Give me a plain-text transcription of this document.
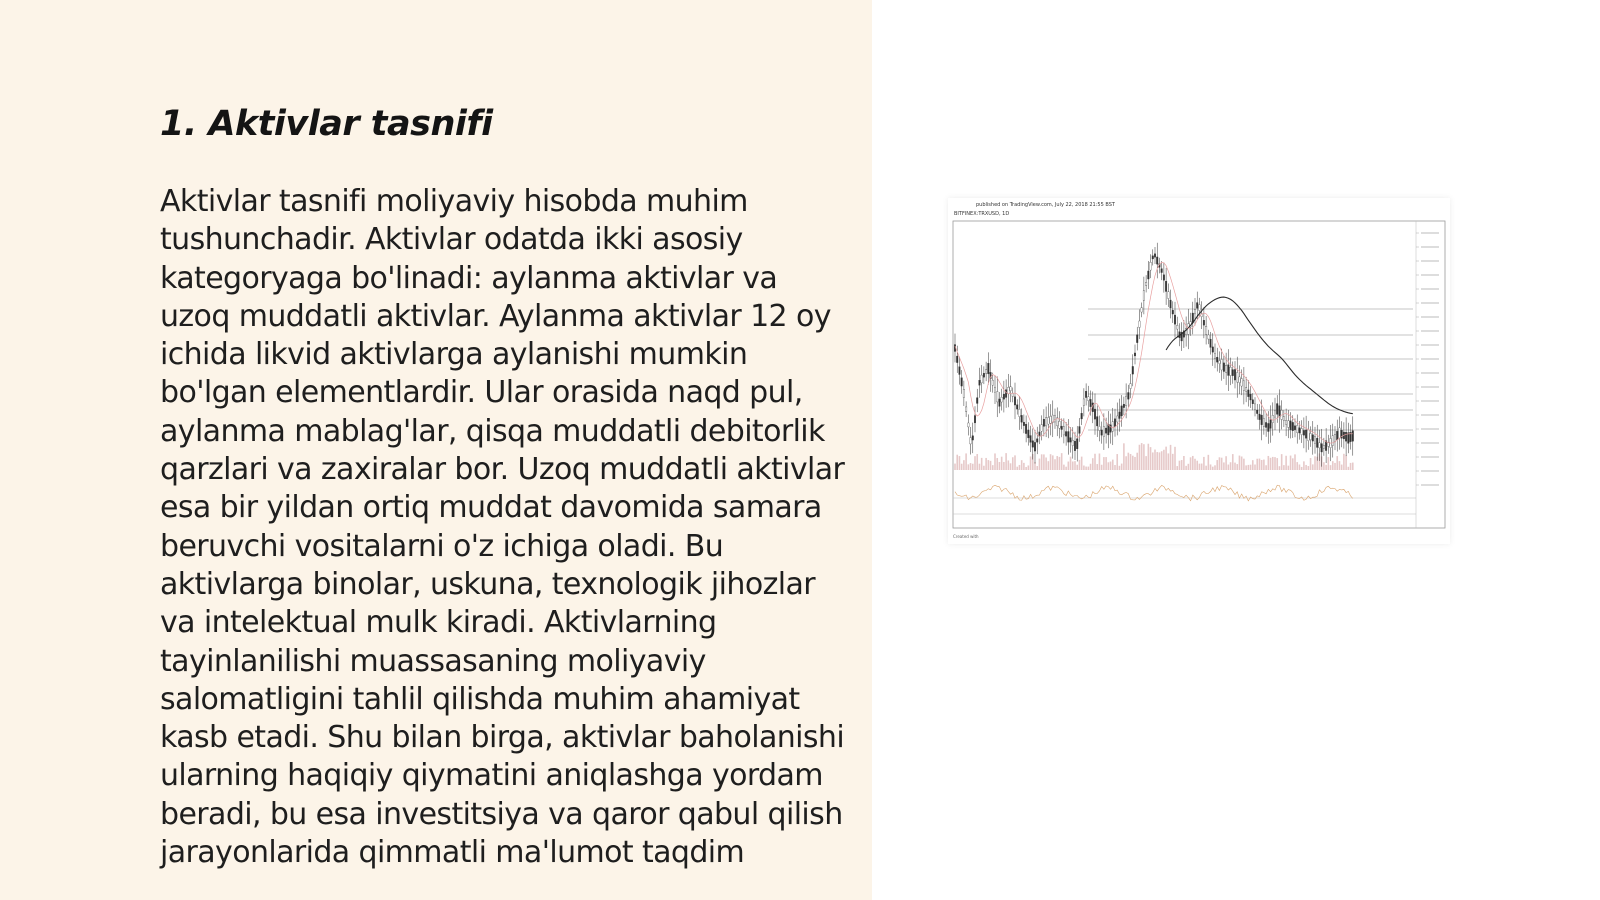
1. Aktivlar tasnifi

Aktivlar tasnifi moliyaviy hisobda muhim tushunchadir. Aktivlar odatda ikki asosiy kategoryaga bo'linadi: aylanma aktivlar va uzoq muddatli aktivlar. Aylanma aktivlar 12 oy ichida likvid aktivlarga aylanishi mumkin bo'lgan elementlardir. Ular orasida naqd pul, aylanma mablag'lar, qisqa muddatli debitorlik qarzlari va zaxiralar bor. Uzoq muddatli aktivlar esa bir yildan ortiq muddat davomida samara beruvchi vositalarni o'z ichiga oladi. Bu aktivlarga binolar, uskuna, texnologik jihozlar va intelektual mulk kiradi. Aktivlarning tayinlanilishi muassasaning moliyaviy salomatligini tahlil qilishda muhim ahamiyat kasb etadi. Shu bilan birga, aktivlar baholanishi ularning haqiqiy qiymatini aniqlashga yordam beradi, bu esa investitsiya va qaror qabul qilish jarayonlarida qimmatli ma'lumot taqdim

published on TradingView.com, July 22, 2018 21:55 BST
BITFINEX:TRXUSD, 1D
Created with
